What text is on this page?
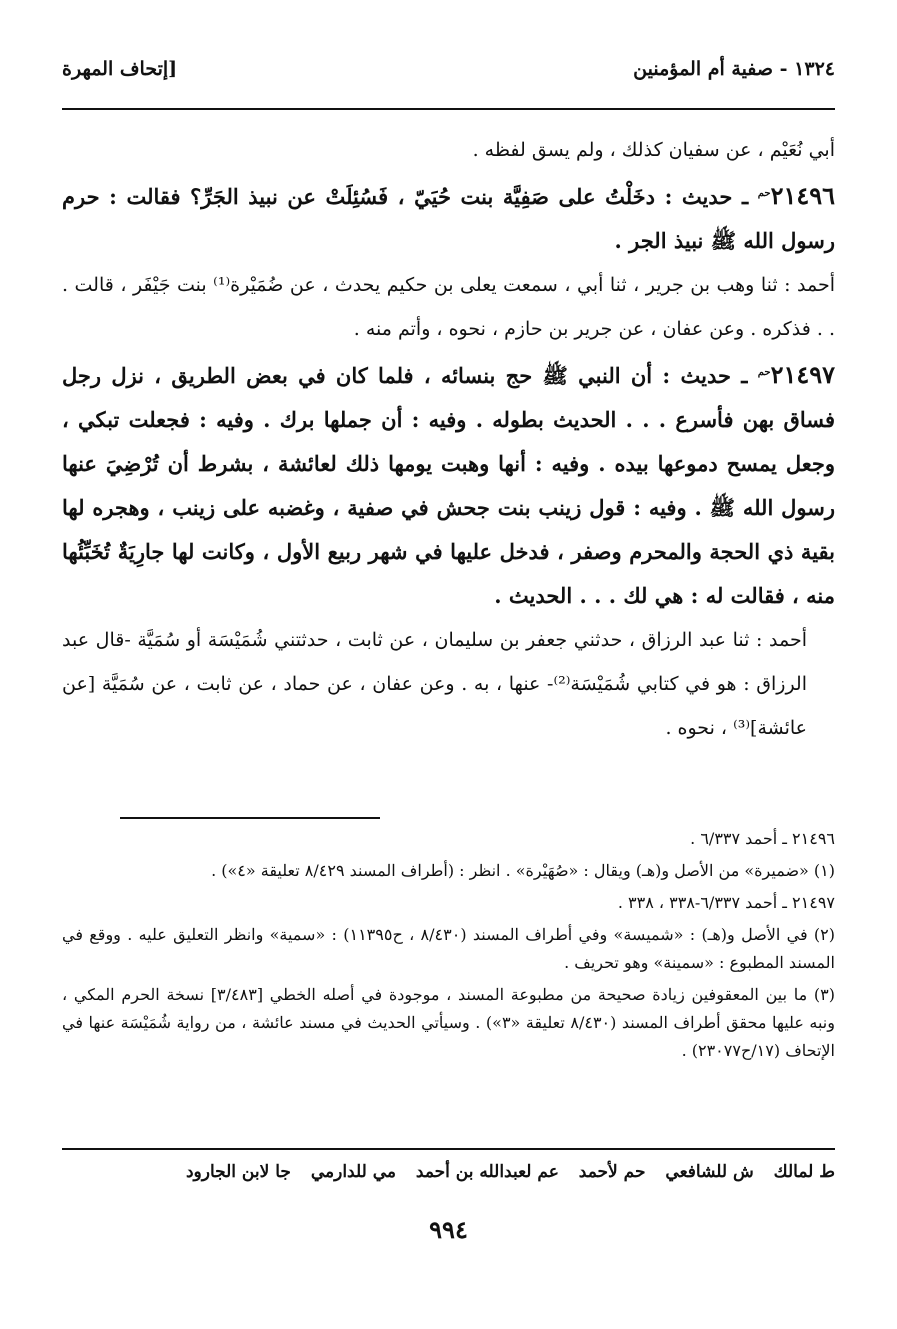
١٣٢٤ - صفية أم المؤمنين
[إتحاف المهرة

أبي نُعَيْم ، عن سفيان كذلك ، ولم يسق لفظه .

$٢١٤٩٦^{حم}$ ـ حديث : دخَلْتُ على صَفِيَّة بنت حُيَيّ ، فَسُئِلَتْ عن نبيذ الجَرِّ؟ فقالت : حرم رسول الله ﷺ نبيذ الجر .

أحمد : ثنا وهب بن جرير ، ثنا أبي ، سمعت يعلى بن حكيم يحدث ، عن ضُمَيْرة⁽¹⁾ بنت جَيْفَر ، قالت . . . فذكره . وعن عفان ، عن جرير بن حازم ، نحوه ، وأتم منه .

$٢١٤٩٧^{حم}$ ـ حديث : أن النبي ﷺ حج بنسائه ، فلما كان في بعض الطريق ، نزل رجل فساق بهن فأسرع . . . الحديث بطوله . وفيه : أن جملها برك . وفيه : فجعلت تبكي ، وجعل يمسح دموعها بيده . وفيه : أنها وهبت يومها ذلك لعائشة ، بشرط أن تُرْضِيَ عنها رسول الله ﷺ . وفيه : قول زينب بنت جحش في صفية ، وغضبه على زينب ، وهجره لها بقية ذي الحجة والمحرم وصفر ، فدخل عليها في شهر ربيع الأول ، وكانت لها جارِيَةٌ تُخَبِّئُها منه ، فقالت له : هي لك . . . الحديث .

أحمد : ثنا عبد الرزاق ، حدثني جعفر بن سليمان ، عن ثابت ، حدثتني شُمَيْسَة أو سُمَيَّة -قال عبد الرزاق : هو في كتابي شُمَيْسَة⁽²⁾- عنها ، به . وعن عفان ، عن حماد ، عن ثابت ، عن سُمَيَّة [عن عائشة]⁽³⁾ ، نحوه .

٢١٤٩٦ ـ أحمد ٦/٣٣٧ .

(١) «ضميرة» من الأصل و(هـ) ويقال : «صُهَيْرة» . انظر : (أطراف المسند ٨/٤٢٩ تعليقة «٤») .

٢١٤٩٧ ـ أحمد ٦/٣٣٧-٣٣٨ ، ٣٣٨ .

(٢) في الأصل و(هـ) : «شميسة» وفي أطراف المسند (٨/٤٣٠ ، ح١١٣٩٥) : «سمية» وانظر التعليق عليه . ووقع في المسند المطبوع : «سمينة» وهو تحريف .

(٣) ما بين المعقوفين زيادة صحيحة من مطبوعة المسند ، موجودة في أصله الخطي [٣/٤٨٣] نسخة الحرم المكي ، ونبه عليها محقق أطراف المسند (٨/٤٣٠ تعليقة «٣») . وسيأتي الحديث في مسند عائشة ، من رواية شُمَيْسَة عنها في الإتحاف (١٧/ح٢٣٠٧٧) .

ط لمالك ش للشافعي حم لأحمد عم لعبدالله بن أحمد مي للدارمي جا لابن الجارود
٩٩٤
